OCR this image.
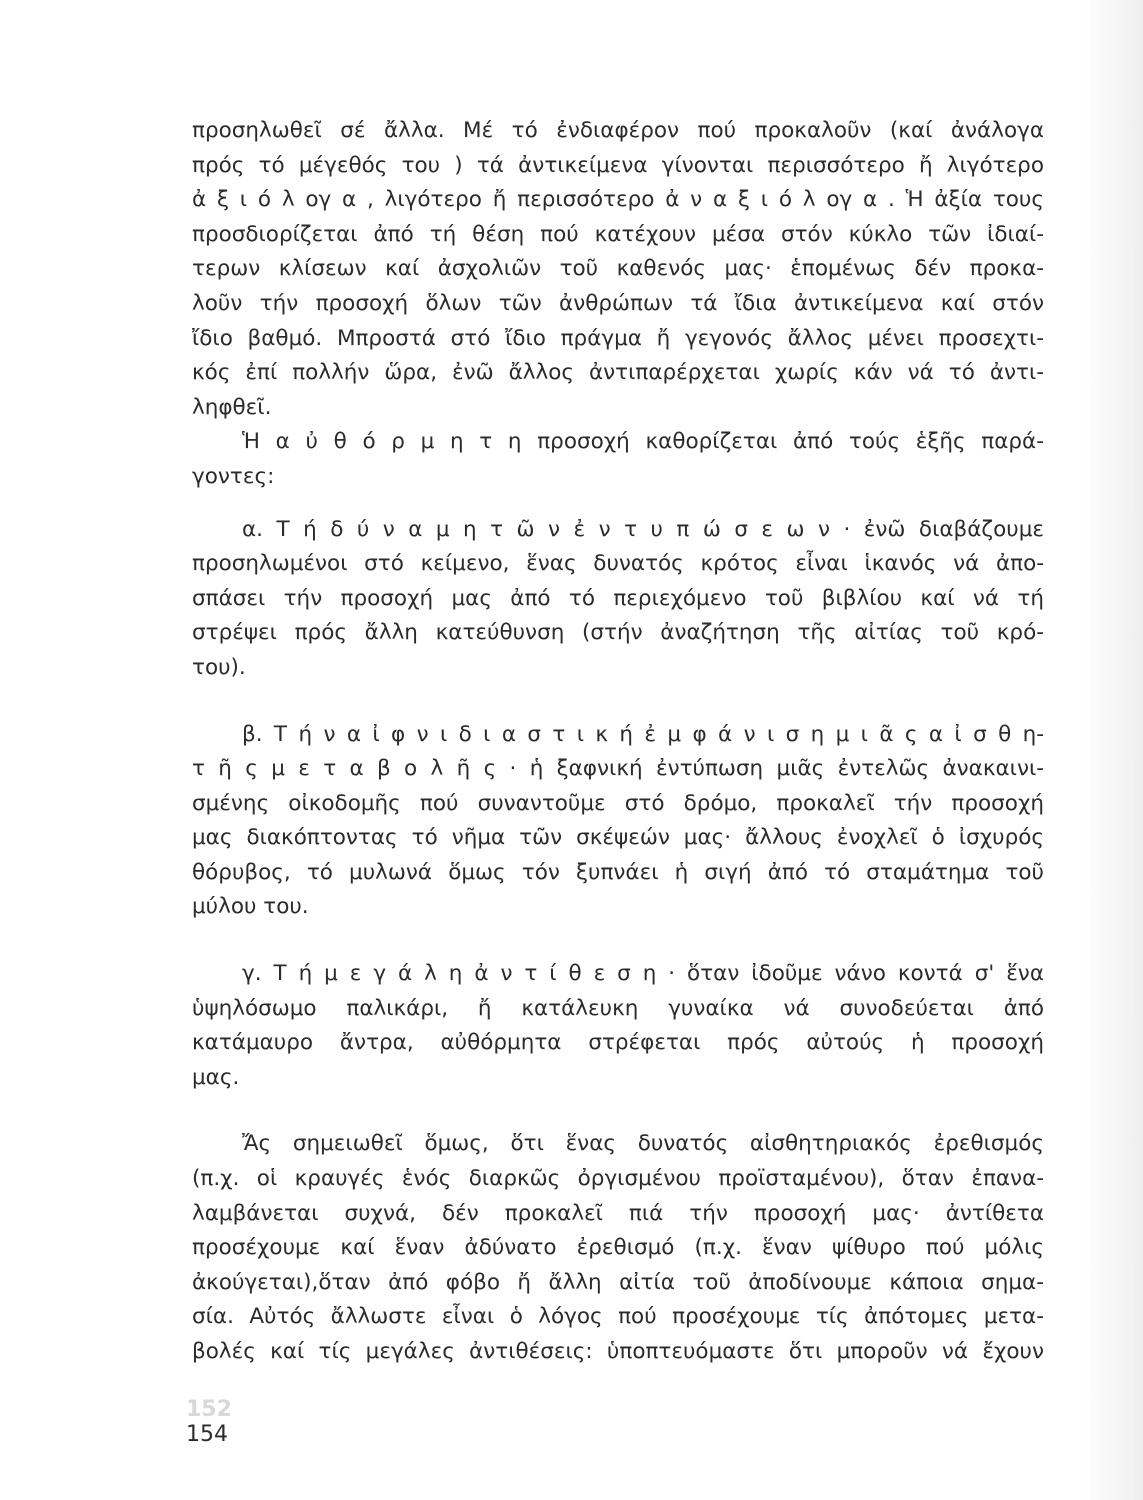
προσηλωθεῖ σέ ἄλλα. Μέ τό ἐνδιαφέρον πού προκαλοῦν (καί ἀνάλογα
πρός τό μέγεθός του ) τά ἀντικείμενα γίνονται περισσότερο ἤ λιγότερο
ἀ ξ ι ό λ ογ α , λιγότερο ἤ περισσότερο ἀ ν α ξ ι ό λ ογ α . Ἡ ἀξία τους
προσδιορίζεται ἀπό τή θέση πού κατέχουν μέσα στόν κύκλο τῶν ἰδιαί-
τερων κλίσεων καί ἀσχολιῶν τοῦ καθενός μας· ἑπομένως δέν προκα-
λοῦν τήν προσοχή ὅλων τῶν ἀνθρώπων τά ἴδια ἀντικείμενα καί στόν
ἴδιο βαθμό. Μπροστά στό ἴδιο πράγμα ἤ γεγονός ἄλλος μένει προσεχτι-
κός ἐπί πολλήν ὥρα, ἐνῶ ἄλλος ἀντιπαρέρχεται χωρίς κάν νά τό ἀντι-
ληφθεῖ.
Ἡ α ὐ θ ό ρ μ η τ η προσοχή καθορίζεται ἀπό τούς ἑξῆς παρά-
γοντες:
α. Τ ή δ ύ ν α μ η τ ῶ ν ἐ ν τ υ π ώ σ ε ω ν · ἐνῶ διαβάζουμε
προσηλωμένοι στό κείμενο, ἕνας δυνατός κρότος εἶναι ἱκανός νά ἀπο-
σπάσει τήν προσοχή μας ἀπό τό περιεχόμενο τοῦ βιβλίου καί νά τή
στρέψει πρός ἄλλη κατεύθυνση (στήν ἀναζήτηση τῆς αἰτίας τοῦ κρό-
του).
β. Τ ή ν α ἰ φ ν ι δ ι α σ τ ι κ ή ἐ μ φ ά ν ι σ η μ ι ᾶ ς α ἰ σ θ η-
τ ῆ ς μ ε τ α β ο λ ῆ ς · ἡ ξαφνική ἐντύπωση μιᾶς ἐντελῶς ἀνακαινι-
σμένης οἰκοδομῆς πού συναντοῦμε στό δρόμο, προκαλεῖ τήν προσοχή
μας διακόπτοντας τό νῆμα τῶν σκέψεών μας· ἄλλους ἐνοχλεῖ ὁ ἰσχυρός
θόρυβος, τό μυλωνά ὅμως τόν ξυπνάει ἡ σιγή ἀπό τό σταμάτημα τοῦ
μύλου του.
γ. Τ ή μ ε γ ά λ η ἀ ν τ ί θ ε σ η · ὅταν ἰδοῦμε νάνο κοντά σ' ἕνα
ὑψηλόσωμο παλικάρι, ἤ κατάλευκη γυναίκα νά συνοδεύεται ἀπό
κατάμαυρο ἄντρα, αὐθόρμητα στρέφεται πρός αὐτούς ἡ προσοχή
μας.
Ἄς σημειωθεῖ ὅμως, ὅτι ἕνας δυνατός αἰσθητηριακός ἐρεθισμός
(π.χ. οἱ κραυγές ἑνός διαρκῶς ὀργισμένου προϊσταμένου), ὅταν ἐπανα-
λαμβάνεται συχνά, δέν προκαλεῖ πιά τήν προσοχή μας· ἀντίθετα
προσέχουμε καί ἕναν ἀδύνατο ἐρεθισμό (π.χ. ἕναν ψίθυρο πού μόλις
ἀκούγεται),ὅταν ἀπό φόβο ἤ ἄλλη αἰτία τοῦ ἀποδίνουμε κάποια σημα-
σία. Αὐτός ἄλλωστε εἶναι ὁ λόγος πού προσέχουμε τίς ἀπότομες μετα-
βολές καί τίς μεγάλες ἀντιθέσεις: ὑποπτευόμαστε ὅτι μποροῦν νά ἔχουν
152
154
